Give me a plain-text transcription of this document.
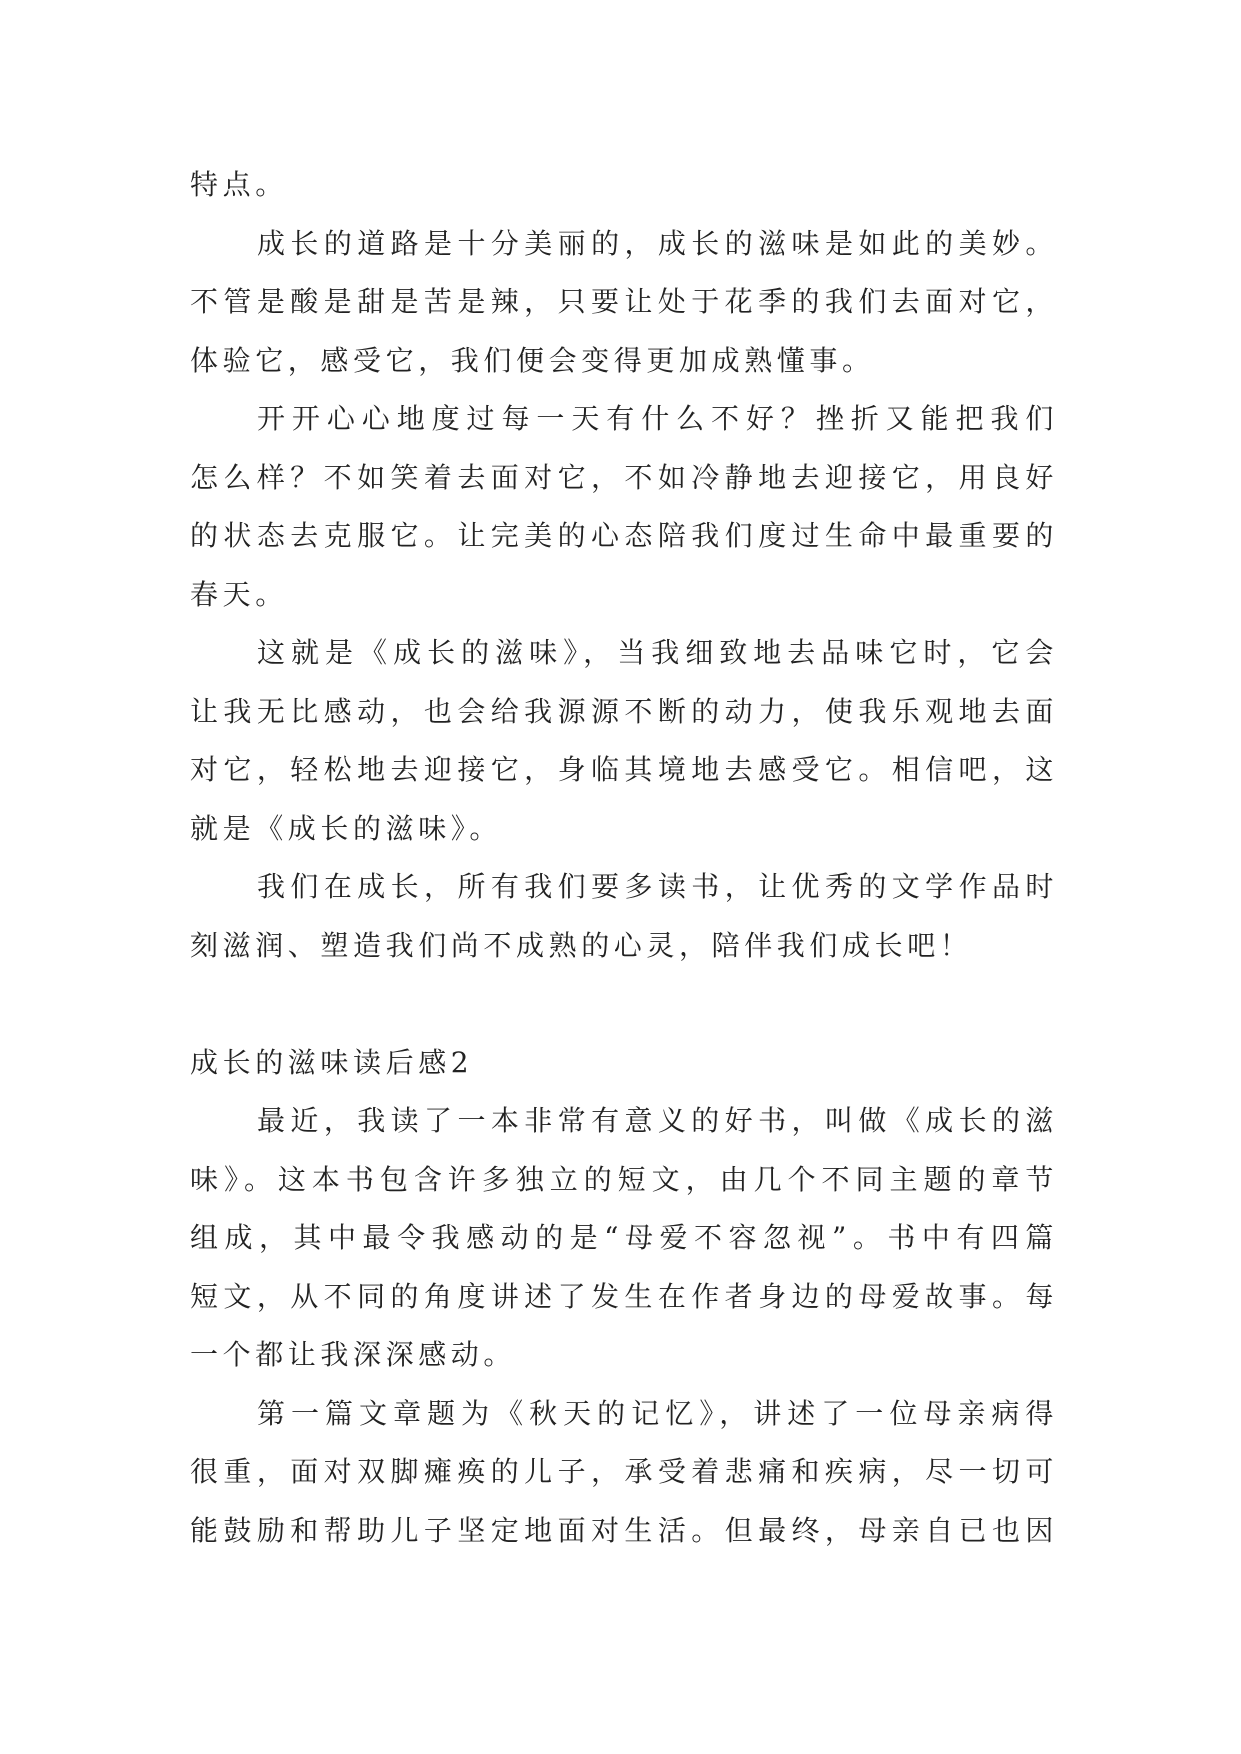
特点。
成长的道路是十分美丽的，成长的滋味是如此的美妙。
不管是酸是甜是苦是辣，只要让处于花季的我们去面对它，
体验它，感受它，我们便会变得更加成熟懂事。
开开心心地度过每一天有什么不好？挫折又能把我们
怎么样？不如笑着去面对它，不如冷静地去迎接它，用良好
的状态去克服它。让完美的心态陪我们度过生命中最重要的
春天。
这就是《成长的滋味》，当我细致地去品味它时，它会
让我无比感动，也会给我源源不断的动力，使我乐观地去面
对它，轻松地去迎接它，身临其境地去感受它。相信吧，这
就是《成长的滋味》。
我们在成长，所有我们要多读书，让优秀的文学作品时
刻滋润、塑造我们尚不成熟的心灵，陪伴我们成长吧！
成长的滋味读后感2
最近，我读了一本非常有意义的好书，叫做《成长的滋
味》。这本书包含许多独立的短文，由几个不同主题的章节
组成，其中最令我感动的是“母爱不容忽视”。书中有四篇
短文，从不同的角度讲述了发生在作者身边的母爱故事。每
一个都让我深深感动。
第一篇文章题为《秋天的记忆》，讲述了一位母亲病得
很重，面对双脚瘫痪的儿子，承受着悲痛和疾病，尽一切可
能鼓励和帮助儿子坚定地面对生活。但最终，母亲自已也因
